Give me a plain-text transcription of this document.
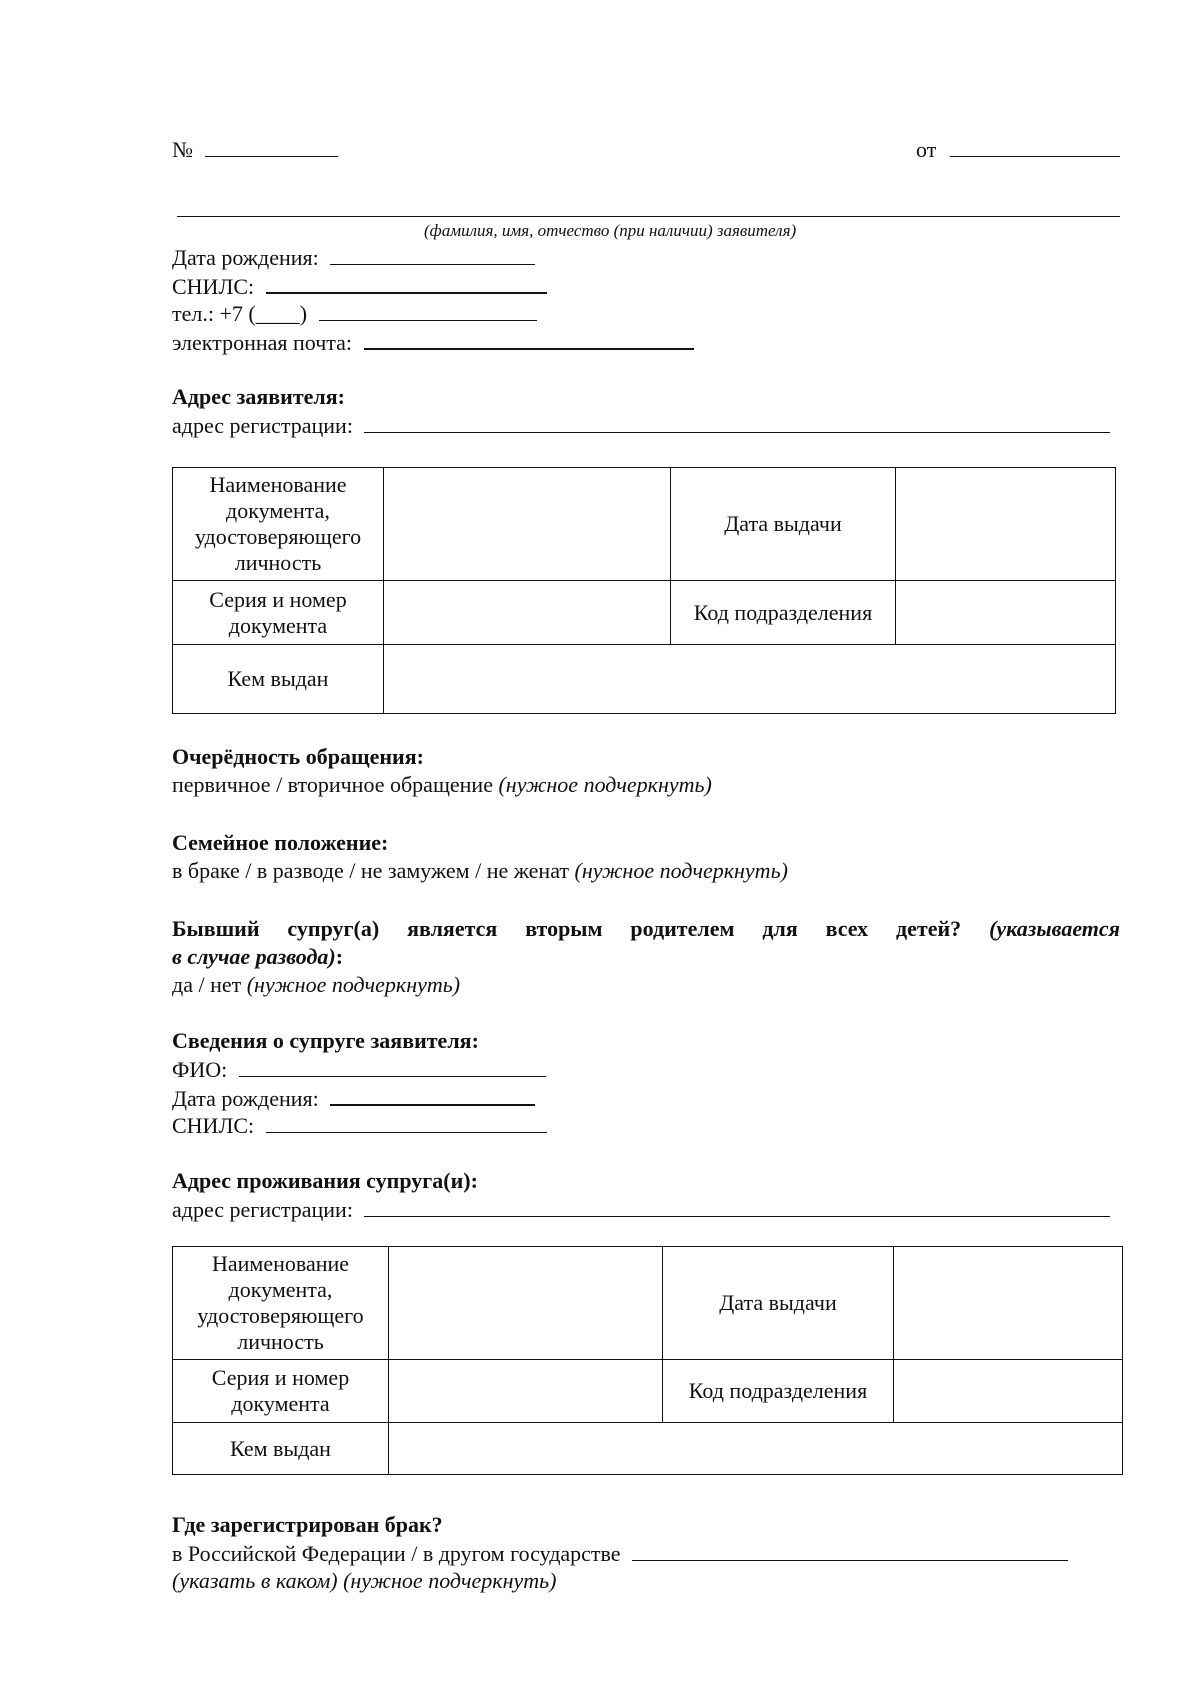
№	от
(фамилия, имя, отчество (при наличии) заявителя)
Дата рождения:
СНИЛС:
тел.: +7 (____)
электронная почта:
Адрес заявителя:
адрес регистрации:
Наименование документа, удостоверяющего личность		Дата выдачи	
Серия и номер документа		Код подразделения	
Кем выдан			
Очерёдность обращения:
первичное / вторичное обращение (нужное подчеркнуть)
Семейное положение:
в браке / в разводе / не замужем / не женат (нужное подчеркнуть)
Бывший супруг(а) является вторым родителем для всех детей? (указывается
в случае развода):
да / нет (нужное подчеркнуть)
Сведения о супруге заявителя:
ФИО:
Дата рождения:
СНИЛС:
Адрес проживания супруга(и):
адрес регистрации:
Наименование документа, удостоверяющего личность		Дата выдачи	
Серия и номер документа		Код подразделения	
Кем выдан			
Где зарегистрирован брак?
в Российской Федерации / в другом государстве
(указать в каком) (нужное подчеркнуть)
